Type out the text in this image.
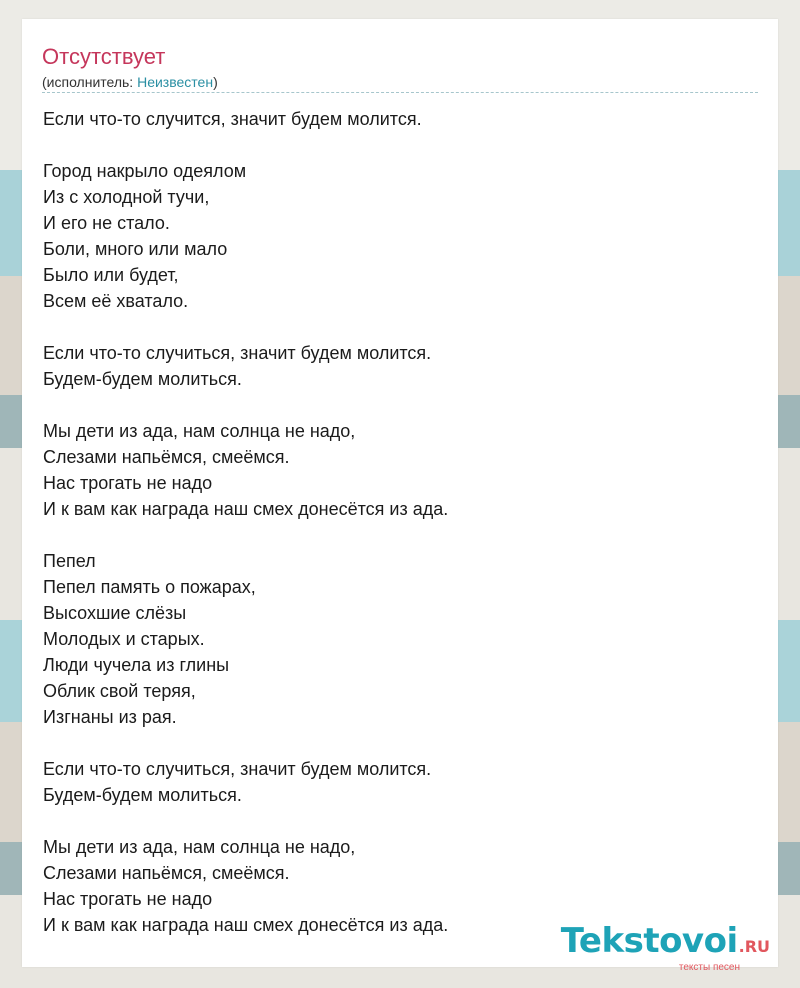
Отсутствует
(исполнитель: Неизвестен)
Если что-то случится, значит будем молится.
Город накрыло одеялом
Из с холодной тучи,
И его не стало.
Боли, много или мало
Было или будет,
Всем её хватало.
Если что-то случиться, значит будем молится.
Будем-будем молиться.
Мы дети из ада, нам солнца не надо,
Слезами напьёмся, смеёмся.
Нас трогать не надо
И к вам как награда наш смех донесётся из ада.
Пепел
Пепел память о пожарах,
Высохшие слёзы
Молодых и старых.
Люди чучела из глины
Облик свой теряя,
Изгнаны из рая.
Если что-то случиться, значит будем молится.
Будем-будем молиться.
Мы дети из ада, нам солнца не надо,
Слезами напьёмся, смеёмся.
Нас трогать не надо
И к вам как награда наш смех донесётся из ада.	Tekstovoi.RU
тексты песен
